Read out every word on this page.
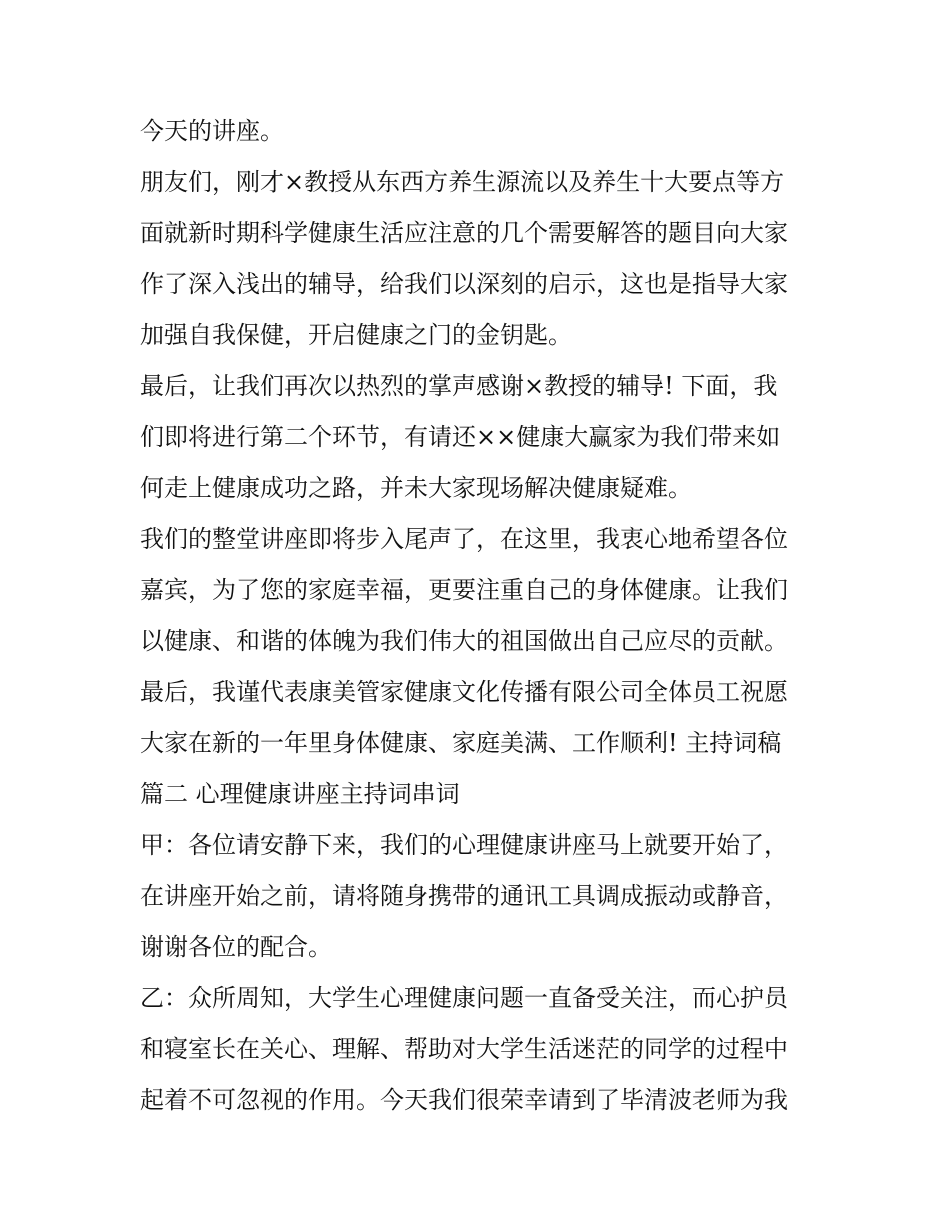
今天的讲座。
朋友们，刚才×教授从东西方养生源流以及养生十大要点等方
面就新时期科学健康生活应注意的几个需要解答的题目向大家
作了深入浅出的辅导，给我们以深刻的启示，这也是指导大家
加强自我保健，开启健康之门的金钥匙。
最后，让我们再次以热烈的掌声感谢×教授的辅导! 下面，我
们即将进行第二个环节，有请还××健康大赢家为我们带来如
何走上健康成功之路，并未大家现场解决健康疑难。
我们的整堂讲座即将步入尾声了，在这里，我衷心地希望各位
嘉宾，为了您的家庭幸福，更要注重自己的身体健康。让我们
以健康、和谐的体魄为我们伟大的祖国做出自己应尽的贡献。
最后，我谨代表康美管家健康文化传播有限公司全体员工祝愿
大家在新的一年里身体健康、家庭美满、工作顺利! 主持词稿
篇二 心理健康讲座主持词串词
甲：各位请安静下来，我们的心理健康讲座马上就要开始了，
在讲座开始之前，请将随身携带的通讯工具调成振动或静音，
谢谢各位的配合。
乙：众所周知，大学生心理健康问题一直备受关注，而心护员
和寝室长在关心、理解、帮助对大学生活迷茫的同学的过程中
起着不可忽视的作用。今天我们很荣幸请到了毕清波老师为我
